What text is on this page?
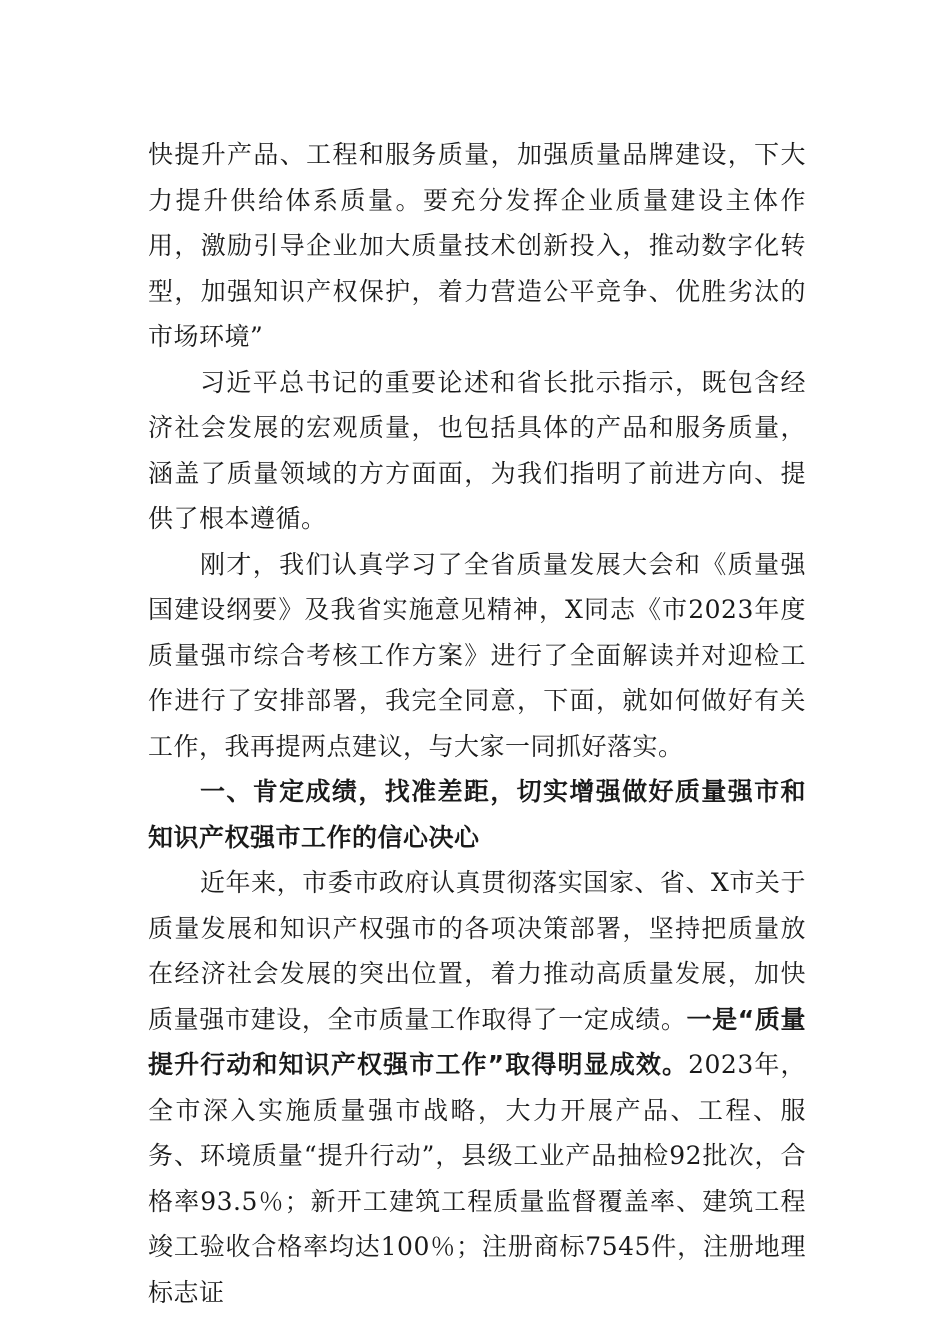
快提升产品、工程和服务质量，加强质量品牌建设，下大力提升供给体系质量。要充分发挥企业质量建设主体作用，激励引导企业加大质量技术创新投入，推动数字化转型，加强知识产权保护，着力营造公平竞争、优胜劣汰的市场环境”

习近平总书记的重要论述和省长批示指示，既包含经济社会发展的宏观质量，也包括具体的产品和服务质量，涵盖了质量领域的方方面面，为我们指明了前进方向、提供了根本遵循。

刚才，我们认真学习了全省质量发展大会和《质量强国建设纲要》及我省实施意见精神，X同志《市2023年度质量强市综合考核工作方案》进行了全面解读并对迎检工作进行了安排部署，我完全同意，下面，就如何做好有关工作，我再提两点建议，与大家一同抓好落实。

一、肯定成绩，找准差距，切实增强做好质量强市和知识产权强市工作的信心决心

近年来，市委市政府认真贯彻落实国家、省、X市关于质量发展和知识产权强市的各项决策部署，坚持把质量放在经济社会发展的突出位置，着力推动高质量发展，加快质量强市建设，全市质量工作取得了一定成绩。一是“质量提升行动和知识产权强市工作”取得明显成效。2023年，全市深入实施质量强市战略，大力开展产品、工程、服务、环境质量“提升行动”，县级工业产品抽检92批次，合格率93.5％；新开工建筑工程质量监督覆盖率、建筑工程竣工验收合格率均达100％；注册商标7545件，注册地理标志证
